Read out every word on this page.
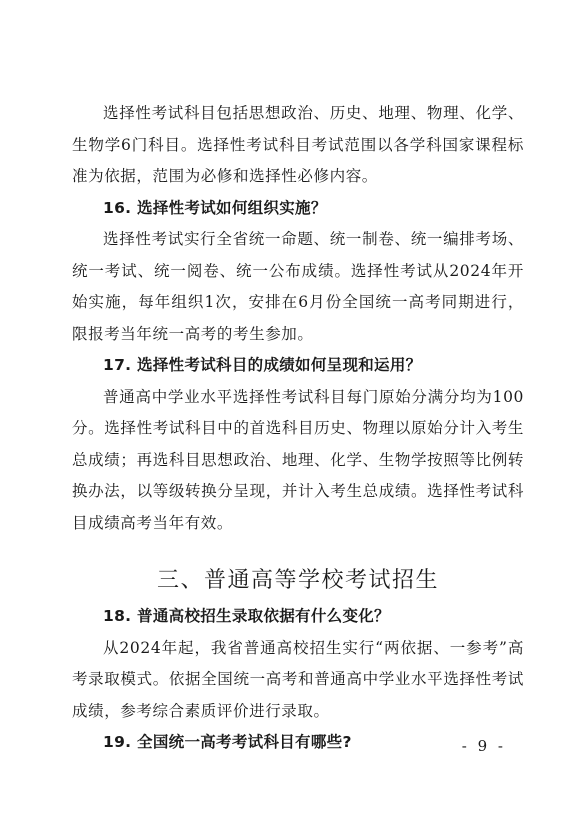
选择性考试科目包括思想政治、历史、地理、物理、化学、生物学6门科目。选择性考试科目考试范围以各学科国家课程标准为依据，范围为必修和选择性必修内容。

16. 选择性考试如何组织实施？

选择性考试实行全省统一命题、统一制卷、统一编排考场、统一考试、统一阅卷、统一公布成绩。选择性考试从2024年开始实施，每年组织1次，安排在6月份全国统一高考同期进行，限报考当年统一高考的考生参加。

17. 选择性考试科目的成绩如何呈现和运用？

普通高中学业水平选择性考试科目每门原始分满分均为100分。选择性考试科目中的首选科目历史、物理以原始分计入考生总成绩；再选科目思想政治、地理、化学、生物学按照等比例转换办法，以等级转换分呈现，并计入考生总成绩。选择性考试科目成绩高考当年有效。

三、普通高等学校考试招生
18. 普通高校招生录取依据有什么变化？

从2024年起，我省普通高校招生实行“两依据、一参考”高考录取模式。依据全国统一高考和普通高中学业水平选择性考试成绩，参考综合素质评价进行录取。

19. 全国统一高考考试科目有哪些?	- 9 -
